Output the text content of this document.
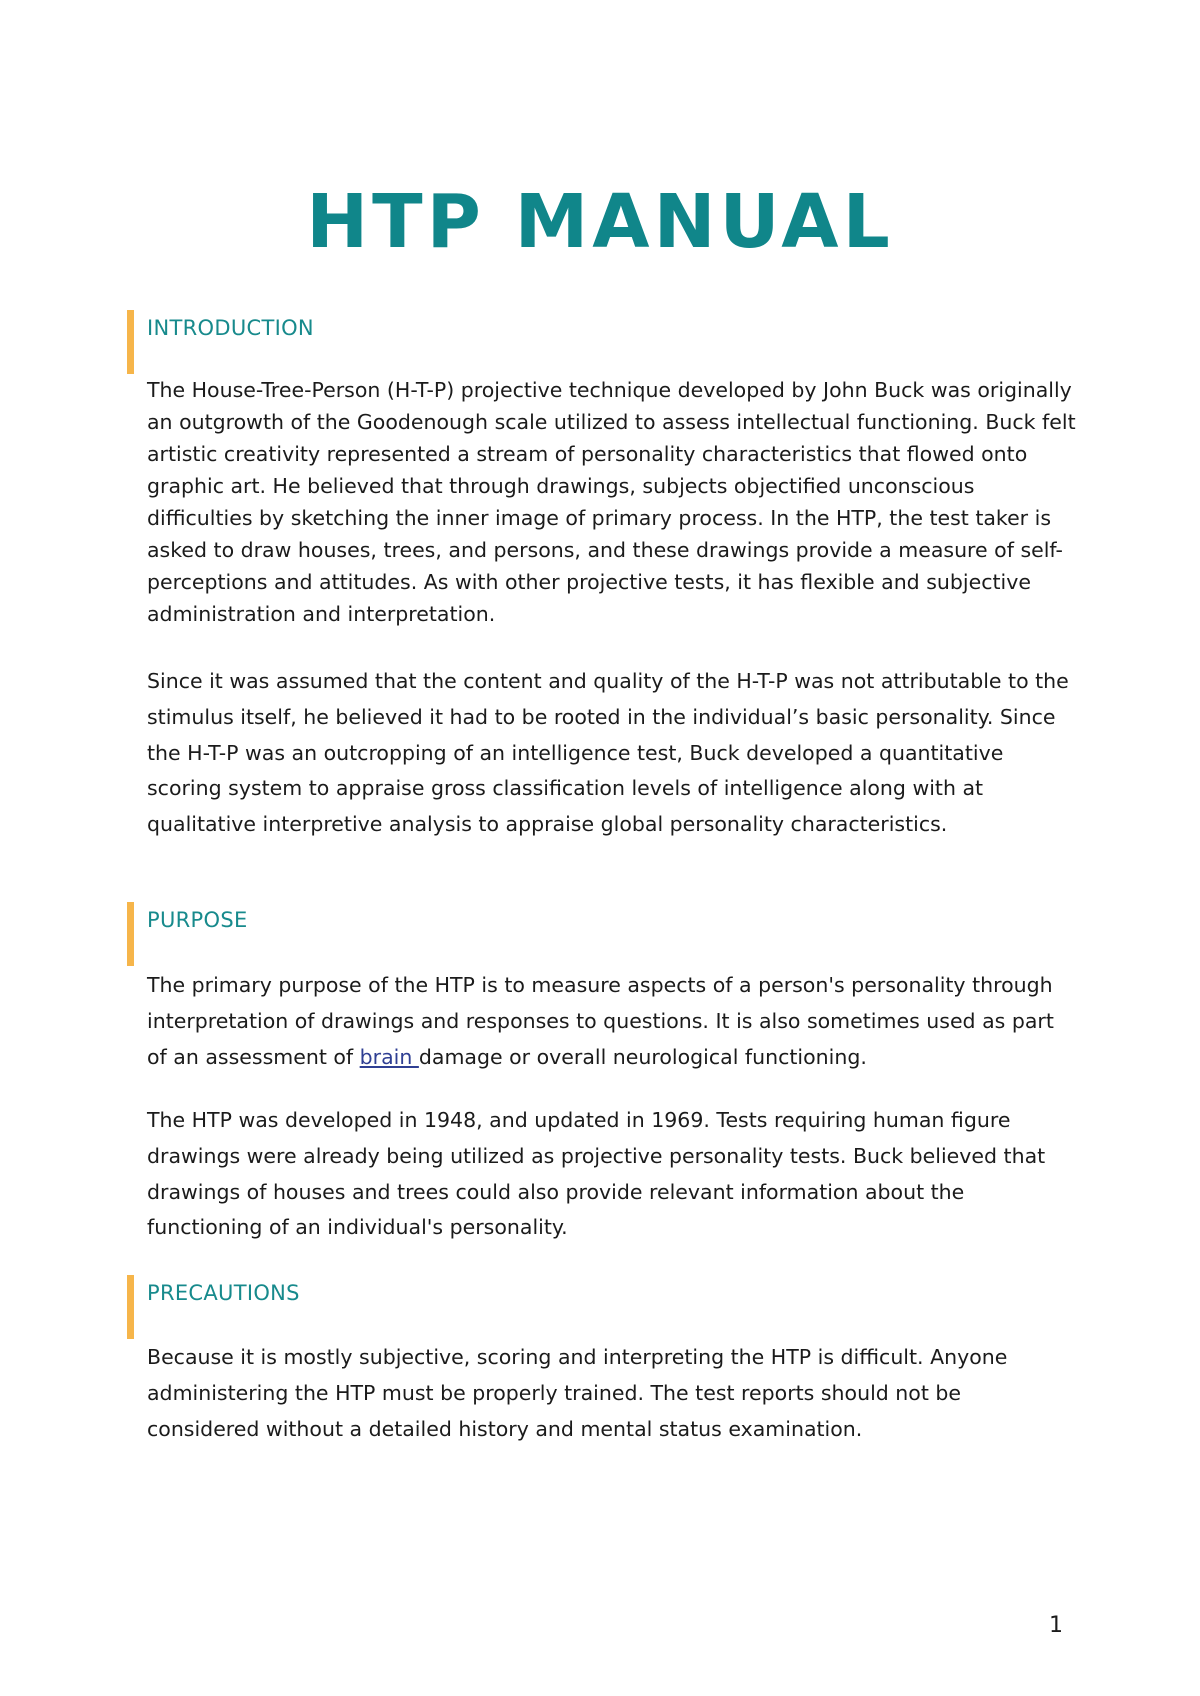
HTP MANUAL
INTRODUCTION

The House-Tree-Person (H-T-P) projective technique developed by John Buck was originally an outgrowth of the Goodenough scale utilized to assess intellectual functioning. Buck felt artistic creativity represented a stream of personality characteristics that flowed onto graphic art. He believed that through drawings, subjects objectified unconscious difficulties by sketching the inner image of primary process. In the HTP, the test taker is asked to draw houses, trees, and persons, and these drawings provide a measure of self-perceptions and attitudes. As with other projective tests, it has flexible and subjective administration and interpretation.

Since it was assumed that the content and quality of the H-T-P was not attributable to the stimulus itself, he believed it had to be rooted in the individual’s basic personality. Since the H-T-P was an outcropping of an intelligence test, Buck developed a quantitative scoring system to appraise gross classification levels of intelligence along with at qualitative interpretive analysis to appraise global personality characteristics.

PURPOSE

The primary purpose of the HTP is to measure aspects of a person's personality through interpretation of drawings and responses to questions. It is also sometimes used as part of an assessment of brain damage or overall neurological functioning.

The HTP was developed in 1948, and updated in 1969. Tests requiring human figure drawings were already being utilized as projective personality tests. Buck believed that drawings of houses and trees could also provide relevant information about the functioning of an individual's personality.

PRECAUTIONS

Because it is mostly subjective, scoring and interpreting the HTP is difficult. Anyone administering the HTP must be properly trained. The test reports should not be considered without a detailed history and mental status examination.

1
